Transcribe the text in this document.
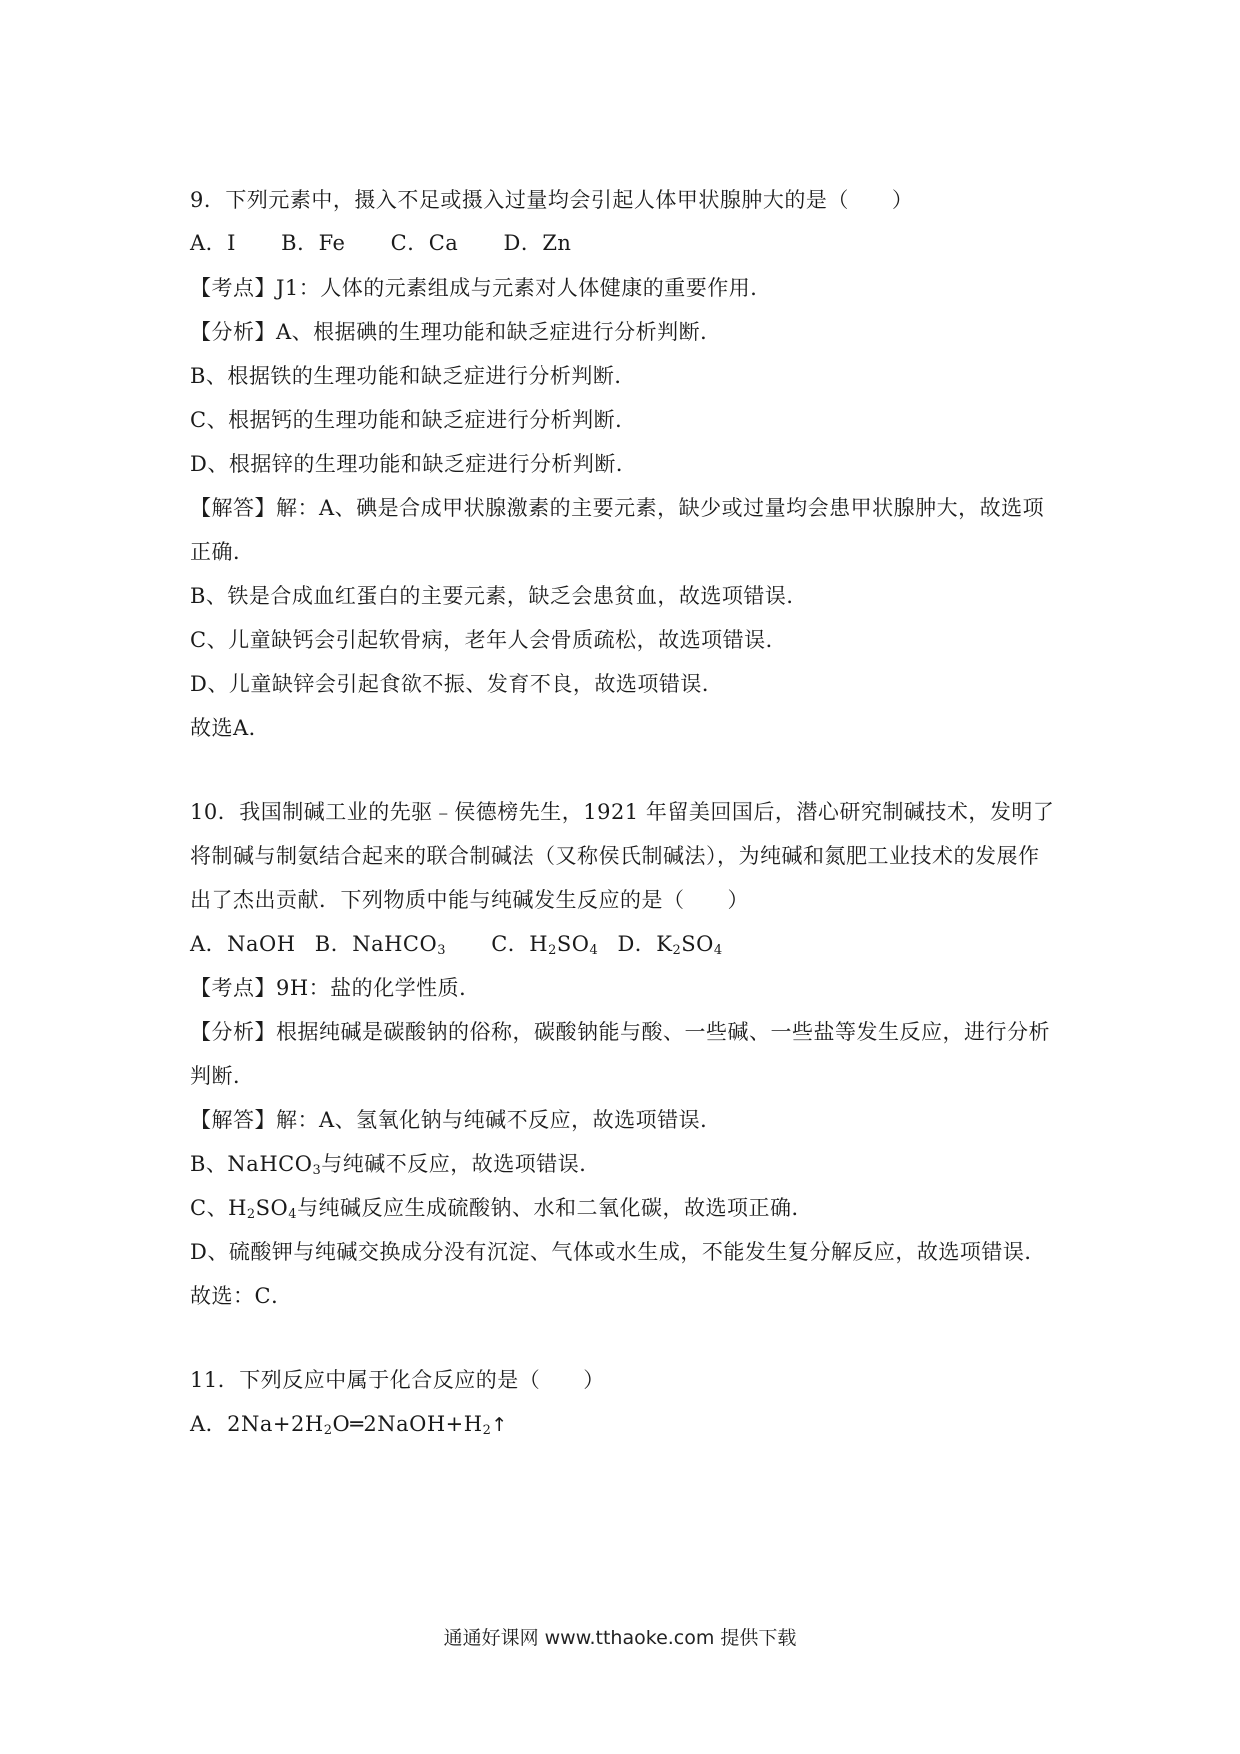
9．下列元素中，摄入不足或摄入过量均会引起人体甲状腺肿大的是（　　）
A．I B．Fe C．Ca D．Zn
【考点】J1：人体的元素组成与元素对人体健康的重要作用．
【分析】A、根据碘的生理功能和缺乏症进行分析判断．
B、根据铁的生理功能和缺乏症进行分析判断．
C、根据钙的生理功能和缺乏症进行分析判断．
D、根据锌的生理功能和缺乏症进行分析判断．
【解答】解：A、碘是合成甲状腺激素的主要元素，缺少或过量均会患甲状腺肿大，故选项
正确．
B、铁是合成血红蛋白的主要元素，缺乏会患贫血，故选项错误．
C、儿童缺钙会引起软骨病，老年人会骨质疏松，故选项错误．
D、儿童缺锌会引起食欲不振、发育不良，故选项错误．
故选A．
10．我国制碱工业的先驱﹣侯德榜先生，1921 年留美回国后，潜心研究制碱技术，发明了
将制碱与制氨结合起来的联合制碱法（又称侯氏制碱法），为纯碱和氮肥工业技术的发展作
出了杰出贡献．下列物质中能与纯碱发生反应的是（　　）
A．NaOH B．NaHCO$_3$ C．$H_2SO_4$ D．$K_2SO_4$
【考点】9H：盐的化学性质．
【分析】根据纯碱是碳酸钠的俗称，碳酸钠能与酸、一些碱、一些盐等发生反应，进行分析
判断．
【解答】解：A、氢氧化钠与纯碱不反应，故选项错误．
B、NaHCO$_3$与纯碱不反应，故选项错误．
C、$H_2SO_4$与纯碱反应生成硫酸钠、水和二氧化碳，故选项正确．
D、硫酸钾与纯碱交换成分没有沉淀、气体或水生成，不能发生复分解反应，故选项错误．
故选：C．
11．下列反应中属于化合反应的是（　　）
A．$2Na+2H_2O═2NaOH+H_2↑$
通通好课网 www.tthaoke.com 提供下载
